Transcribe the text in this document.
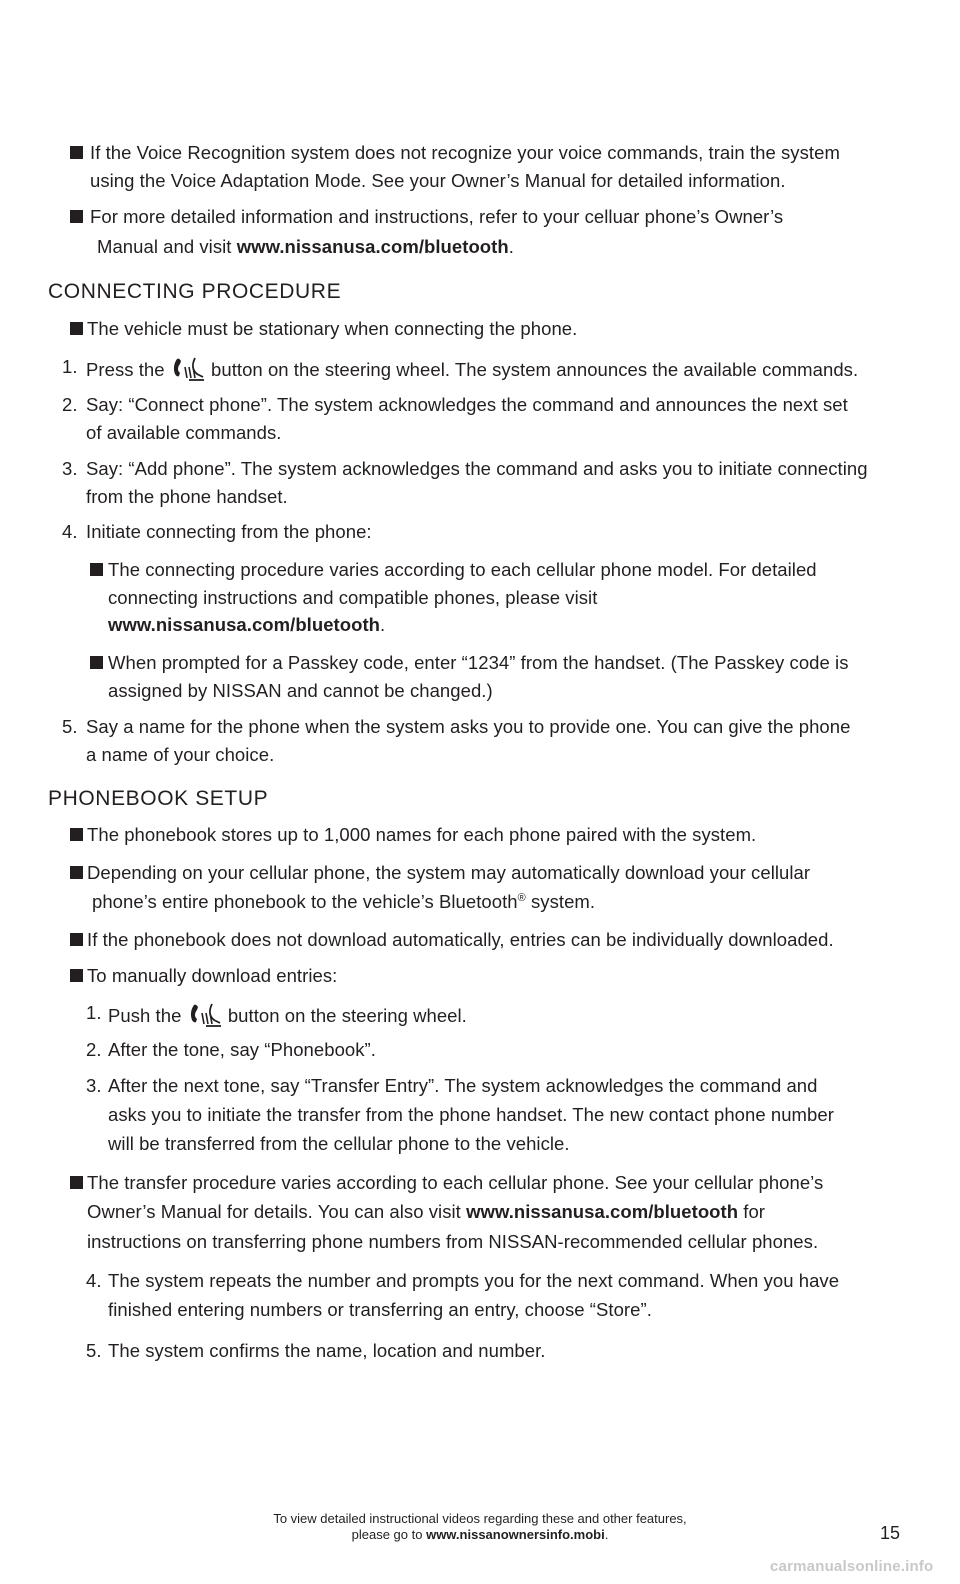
If the Voice Recognition system does not recognize your voice commands, train the system
using the Voice Adaptation Mode. See your Owner’s Manual for detailed information.
For more detailed information and instructions, refer to your celluar phone’s Owner’s
Manual and visit www.nissanusa.com/bluetooth.
CONNECTING PROCEDURE
The vehicle must be stationary when connecting the phone.
1. Press the	button on the steering wheel. The system announces the available commands.
2. Say: “Connect phone”. The system acknowledges the command and announces the next set
of available commands.
3. Say: “Add phone”. The system acknowledges the command and asks you to initiate connecting
from the phone handset.
4. Initiate connecting from the phone:
The connecting procedure varies according to each cellular phone model. For detailed
connecting instructions and compatible phones, please visit
www.nissanusa.com/bluetooth.
When prompted for a Passkey code, enter “1234” from the handset. (The Passkey code is
assigned by NISSAN and cannot be changed.)
5. Say a name for the phone when the system asks you to provide one. You can give the phone
a name of your choice.
PHONEBOOK SETUP
The phonebook stores up to 1,000 names for each phone paired with the system.
Depending on your cellular phone, the system may automatically download your cellular
phone’s entire phonebook to the vehicle’s Bluetooth® system.
If the phonebook does not download automatically, entries can be individually downloaded.
To manually download entries:
1. Push the	button on the steering wheel.
2. After the tone, say “Phonebook”.
3. After the next tone, say “Transfer Entry”. The system acknowledges the command and
asks you to initiate the transfer from the phone handset. The new contact phone number
will be transferred from the cellular phone to the vehicle.
The transfer procedure varies according to each cellular phone. See your cellular phone’s
Owner’s Manual for details. You can also visit www.nissanusa.com/bluetooth for
instructions on transferring phone numbers from NISSAN-recommended cellular phones.
4. The system repeats the number and prompts you for the next command. When you have
finished entering numbers or transferring an entry, choose “Store”.
5. The system confirms the name, location and number.
To view detailed instructional videos regarding these and other features,
please go to www.nissanownersinfo.mobi.	15
carmanualsonline.info
